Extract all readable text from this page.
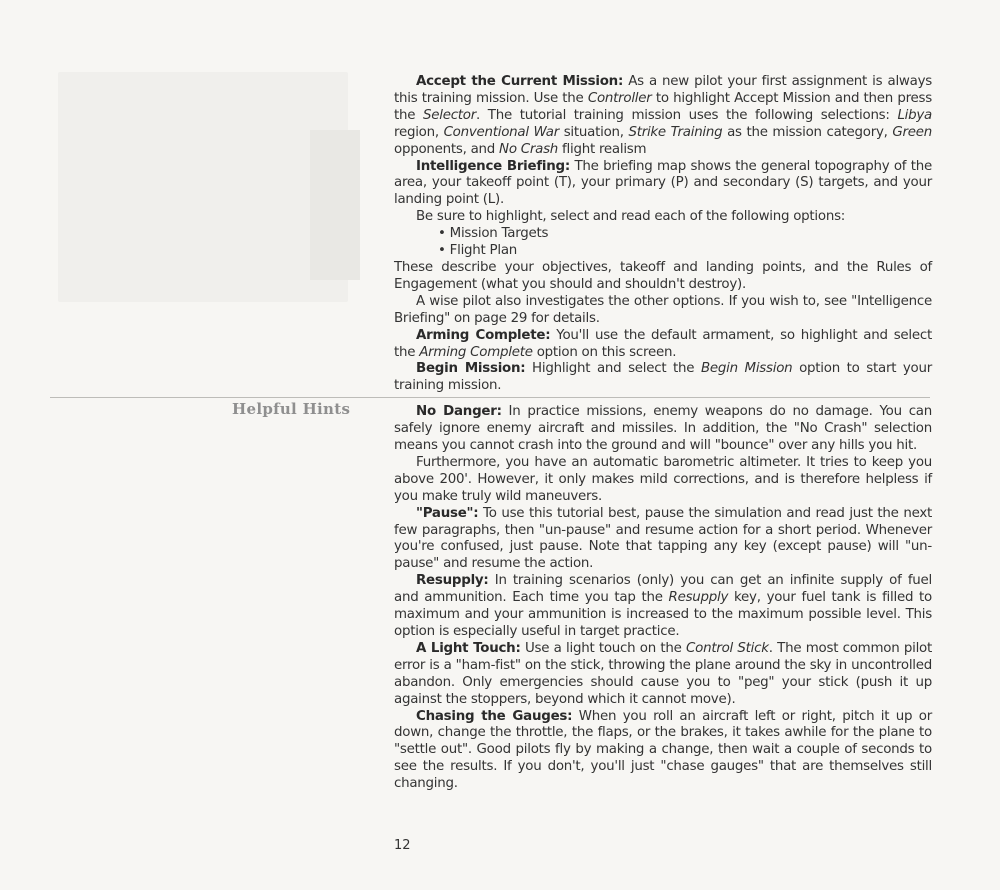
Helpful Hints

Accept the Current Mission: As a new pilot your first assignment is always this training mission. Use the Controller to highlight Accept Mission and then press the Selector. The tutorial training mission uses the following selections: Libya region, Conventional War situation, Strike Training as the mission category, Green opponents, and No Crash flight realism

Intelligence Briefing: The briefing map shows the general topography of the area, your takeoff point (T), your primary (P) and secondary (S) targets, and your landing point (L).

Be sure to highlight, select and read each of the following options:

• Mission Targets

• Flight Plan

These describe your objectives, takeoff and landing points, and the Rules of Engagement (what you should and shouldn't destroy).

A wise pilot also investigates the other options. If you wish to, see "Intelligence Briefing" on page 29 for details.

Arming Complete: You'll use the default armament, so highlight and select the Arming Complete option on this screen.

Begin Mission: Highlight and select the Begin Mission option to start your training mission.

No Danger: In practice missions, enemy weapons do no damage. You can safely ignore enemy aircraft and missiles. In addition, the "No Crash" selection means you cannot crash into the ground and will "bounce" over any hills you hit.

Furthermore, you have an automatic barometric altimeter. It tries to keep you above 200'. However, it only makes mild corrections, and is therefore helpless if you make truly wild maneuvers.

"Pause": To use this tutorial best, pause the simulation and read just the next few paragraphs, then "un-pause" and resume action for a short period. Whenever you're confused, just pause. Note that tapping any key (except pause) will "un-pause" and resume the action.

Resupply: In training scenarios (only) you can get an infinite supply of fuel and ammunition. Each time you tap the Resupply key, your fuel tank is filled to maximum and your ammunition is increased to the maximum possible level. This option is especially useful in target practice.

A Light Touch: Use a light touch on the Control Stick. The most common pilot error is a "ham-fist" on the stick, throwing the plane around the sky in uncontrolled abandon. Only emergencies should cause you to "peg" your stick (push it up against the stoppers, beyond which it cannot move).

Chasing the Gauges: When you roll an aircraft left or right, pitch it up or down, change the throttle, the flaps, or the brakes, it takes awhile for the plane to "settle out". Good pilots fly by making a change, then wait a couple of seconds to see the results. If you don't, you'll just "chase gauges" that are themselves still changing.

12
